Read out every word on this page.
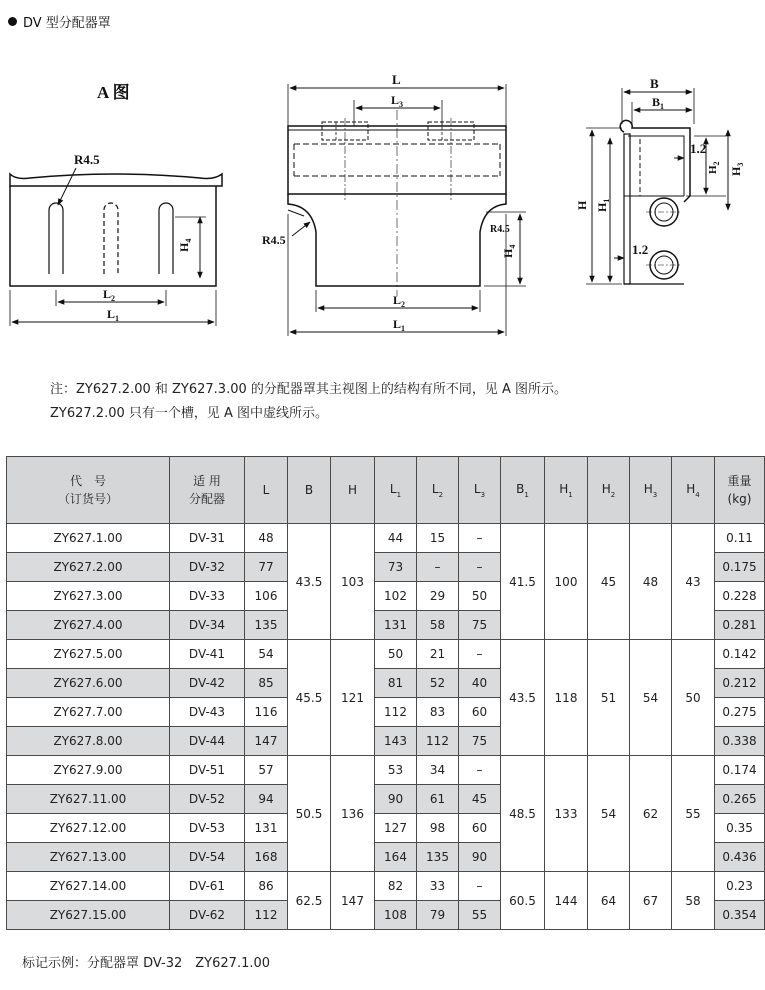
DV 型分配器罩
A 图
R4.5
$H_4$
$L_2$
$L_1$
L
$L_3$
R4.5
R4.5
$H_4$
$L_2$
$L_1$
B
$B_1$
1.2
1.2
H $H_1$
$H_2$
$H_3$
注：ZY627.2.00 和 ZY627.3.00 的分配器罩其主视图上的结构有所不同，见 A 图所示。
ZY627.2.00 只有一个槽，见 A 图中虚线所示。
代　号
（订货号）	适 用
分配器	L	B	H	$L_1$	$L_2$	$L_3$	$B_1$	$H_1$	$H_2$	$H_3$	$H_4$	重量
(kg)
ZY627.1.00	DV-31	48	43.5	103	44	15	–	41.5	100	45	48	43	0.11
ZY627.2.00	DV-32	77			73	–	–						0.175
ZY627.3.00	DV-33	106			102	29	50						0.228
ZY627.4.00	DV-34	135			131	58	75						0.281
ZY627.5.00	DV-41	54	45.5	121	50	21	–	43.5	118	51	54	50	0.142
ZY627.6.00	DV-42	85			81	52	40						0.212
ZY627.7.00	DV-43	116			112	83	60						0.275
ZY627.8.00	DV-44	147			143	112	75						0.338
ZY627.9.00	DV-51	57	50.5	136	53	34	–	48.5	133	54	62	55	0.174
ZY627.11.00	DV-52	94			90	61	45						0.265
ZY627.12.00	DV-53	131			127	98	60						0.35
ZY627.13.00	DV-54	168			164	135	90						0.436
ZY627.14.00	DV-61	86	62.5	147	82	33	–	60.5	144	64	67	58	0.23
ZY627.15.00	DV-62	112			108	79	55						0.354
标记示例：分配器罩 DV-32　ZY627.1.00
